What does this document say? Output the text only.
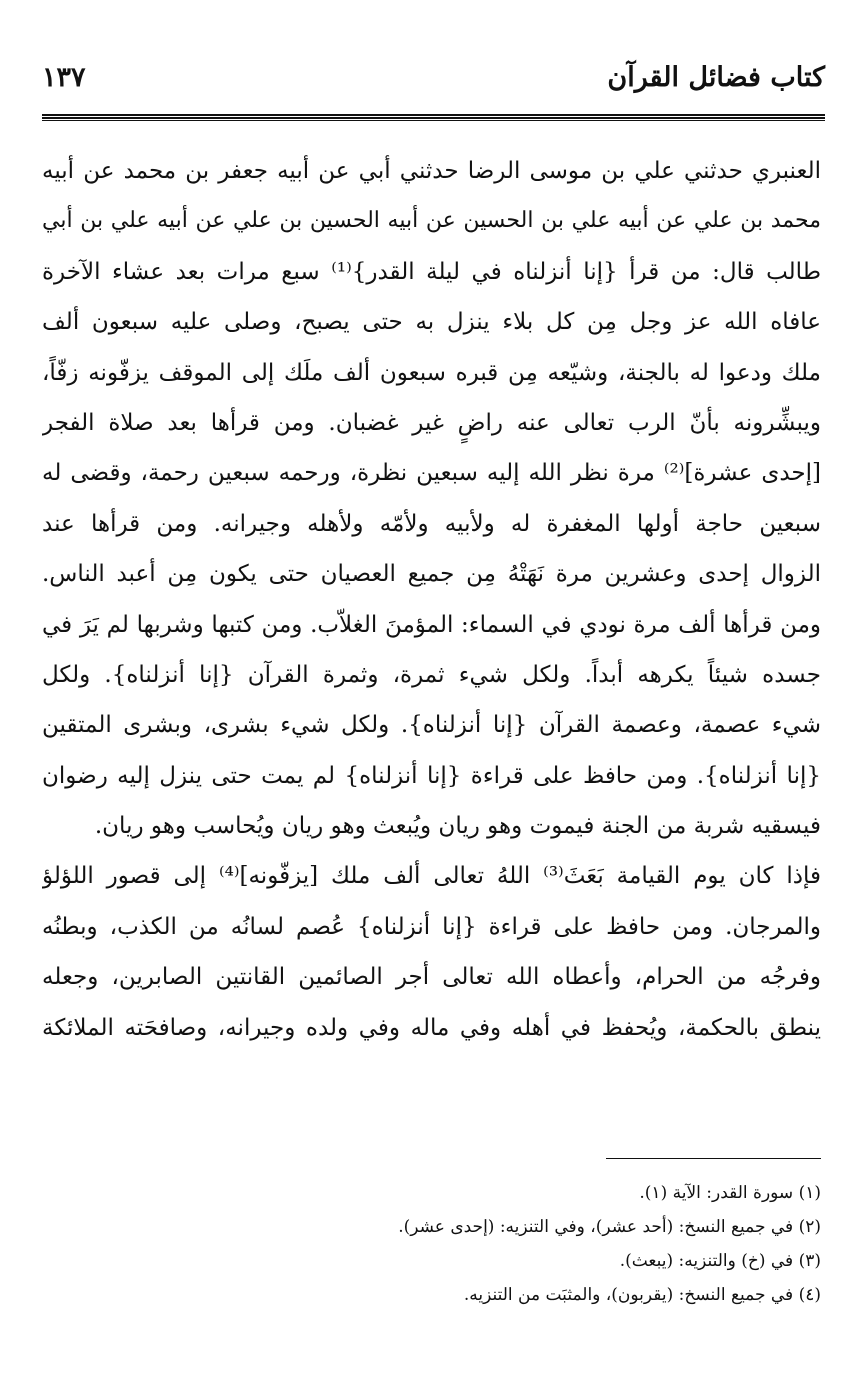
كتاب فضائل القرآن
١٣٧
العنبري حدثني علي بن موسى الرضا حدثني أبي عن أبيه جعفر بن محمد عن أبيه
محمد بن علي عن أبيه علي بن الحسين عن أبيه الحسين بن علي عن أبيه علي بن أبي
طالب قال: من قرأ {إنا أنزلناه في ليلة القدر}⁽¹⁾ سبع مرات بعد عشاء الآخرة
عافاه الله عز وجل مِن كل بلاء ينزل به حتى يصبح، وصلى عليه سبعون ألف
ملك ودعوا له بالجنة، وشيّعه مِن قبره سبعون ألف ملَك إلى الموقف يزفّونه زفّاً،
ويبشِّرونه بأنّ الرب تعالى عنه راضٍ غير غضبان. ومن قرأها بعد صلاة الفجر
[إحدى عشرة]⁽²⁾ مرة نظر الله إليه سبعين نظرة، ورحمه سبعين رحمة، وقضى له
سبعين حاجة أولها المغفرة له ولأبيه ولأمّه ولأهله وجيرانه. ومن قرأها عند
الزوال إحدى وعشرين مرة نَهَتْهُ مِن جميع العصيان حتى يكون مِن أعبد الناس.
ومن قرأها ألف مرة نودي في السماء: المؤمنَ الغلاّب. ومن كتبها وشربها لم يَرَ في
جسده شيئاً يكرهه أبداً. ولكل شيء ثمرة، وثمرة القرآن {إنا أنزلناه}. ولكل
شيء عصمة، وعصمة القرآن {إنا أنزلناه}. ولكل شيء بشرى، وبشرى المتقين
{إنا أنزلناه}. ومن حافظ على قراءة {إنا أنزلناه} لم يمت حتى ينزل إليه رضوان
فيسقيه شربة من الجنة فيموت وهو ريان ويُبعث وهو ريان ويُحاسب وهو ريان.
فإذا كان يوم القيامة بَعَثَ⁽³⁾ اللهُ تعالى ألف ملك [يزفّونه]⁽⁴⁾ إلى قصور اللؤلؤ
والمرجان. ومن حافظ على قراءة {إنا أنزلناه} عُصم لسانُه من الكذب، وبطنُه
وفرجُه من الحرام، وأعطاه الله تعالى أجر الصائمين القانتين الصابرين، وجعله
ينطق بالحكمة، ويُحفظ في أهله وفي ماله وفي ولده وجيرانه، وصافحَته الملائكة
(١) سورة القدر: الآية (١).
(٢) في جميع النسخ: (أحد عشر)، وفي التنزيه: (إحدى عشر).
(٣) في (خ) والتنزيه: (يبعث).
(٤) في جميع النسخ: (يقربون)، والمثبَت من التنزيه.
